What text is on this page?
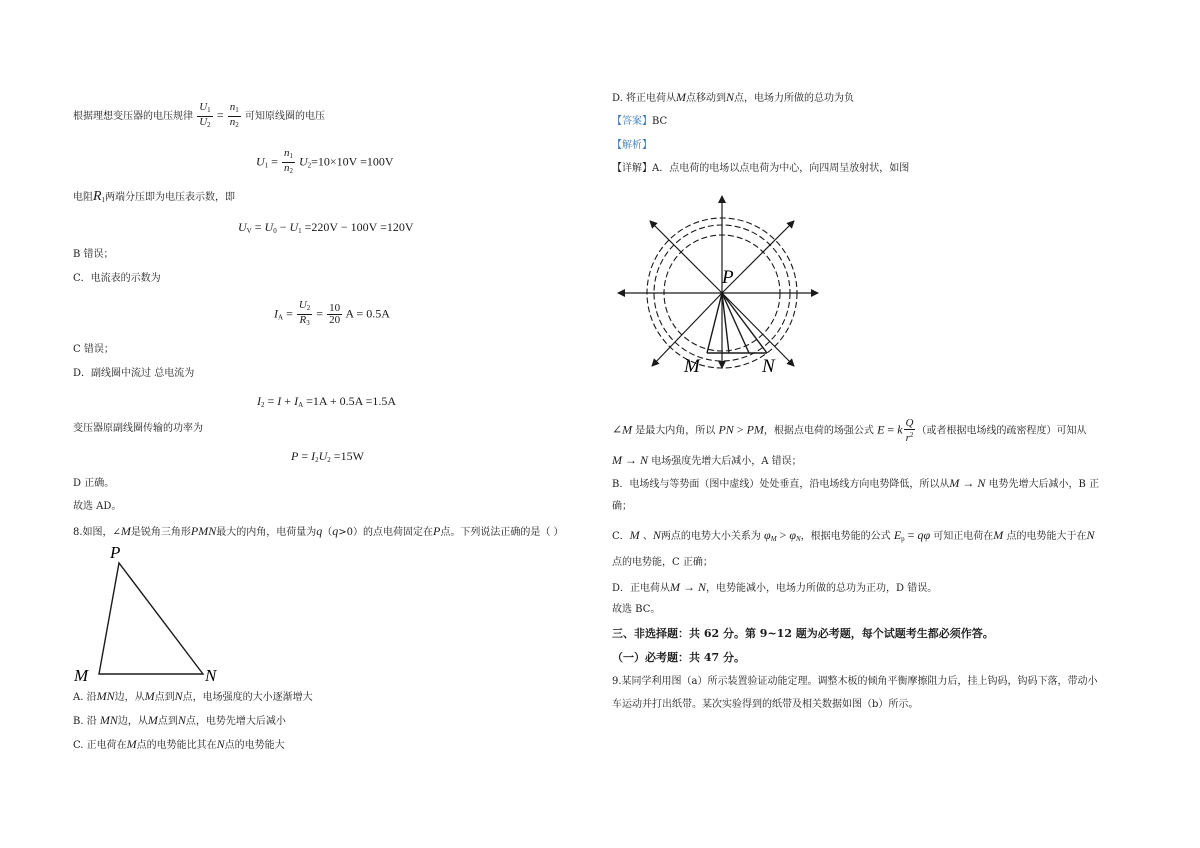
根据理想变压器的电压规律 $\frac{U_1}{U_2} = \frac{n_1}{n_2}$ 可知原线圈的电压
$U_1 = \frac{n_1}{n_2} U_2=10\times 10V =100V$
电阻$R_1$两端分压即为电压表示数，即
$U_V = U_0 - U_1 =220V - 100V =120V$
B 错误；
C．电流表的示数为
$I_A = \frac{U_2}{R_3} = \frac{10}{20}$ A = 0.5A
C 错误；
D．副线圈中流过 总电流为
$I_2 = I + I_A =1A + 0.5A =1.5A$
变压器原副线圈传输的功率为
$P = I_2U_2 =15W$
D 正确。
故选 AD。
8.如图，∠M是锐角三角形PMN最大的内角，电荷量为q（q>0）的点电荷固定在P点。下列说法正确的是（ ）
P
M	N
A. 沿MN边，从M点到N点，电场强度的大小逐渐增大
B. 沿 MN边，从M点到N点，电势先增大后减小
C. 正电荷在M点的电势能比其在N点的电势能大
D. 将正电荷从M点移动到N点，电场力所做的总功为负
【答案】BC
【解析】
【详解】A．点电荷的电场以点电荷为中心，向四周呈放射状，如图
P
M	N
∠M 是最大内角，所以 PN > PM，根据点电荷的场强公式 E = k $\frac{Q}{r^2}$ （或者根据电场线的疏密程度）可知从
M → N 电场强度先增大后减小，A 错误；
B．电场线与等势面（图中虚线）处处垂直，沿电场线方向电势降低，所以从M → N 电势先增大后减小，B 正
确；
C．M 、N两点的电势大小关系为 $\varphi_M > \varphi_N$，根据电势能的公式 $E_p = q\varphi$ 可知正电荷在M 点的电势能大于在N
点的电势能，C 正确；
D．正电荷从M → N，电势能减小，电场力所做的总功为正功，D 错误。
故选 BC。
三、非选择题：共 62 分。第 9~12 题为必考题，每个试题考生都必须作答。
（一）必考题：共 47 分。
9.某同学利用图（a）所示装置验证动能定理。调整木板的倾角平衡摩擦阻力后，挂上钩码，钩码下落，带动小
车运动并打出纸带。某次实验得到的纸带及相关数据如图（b）所示。
